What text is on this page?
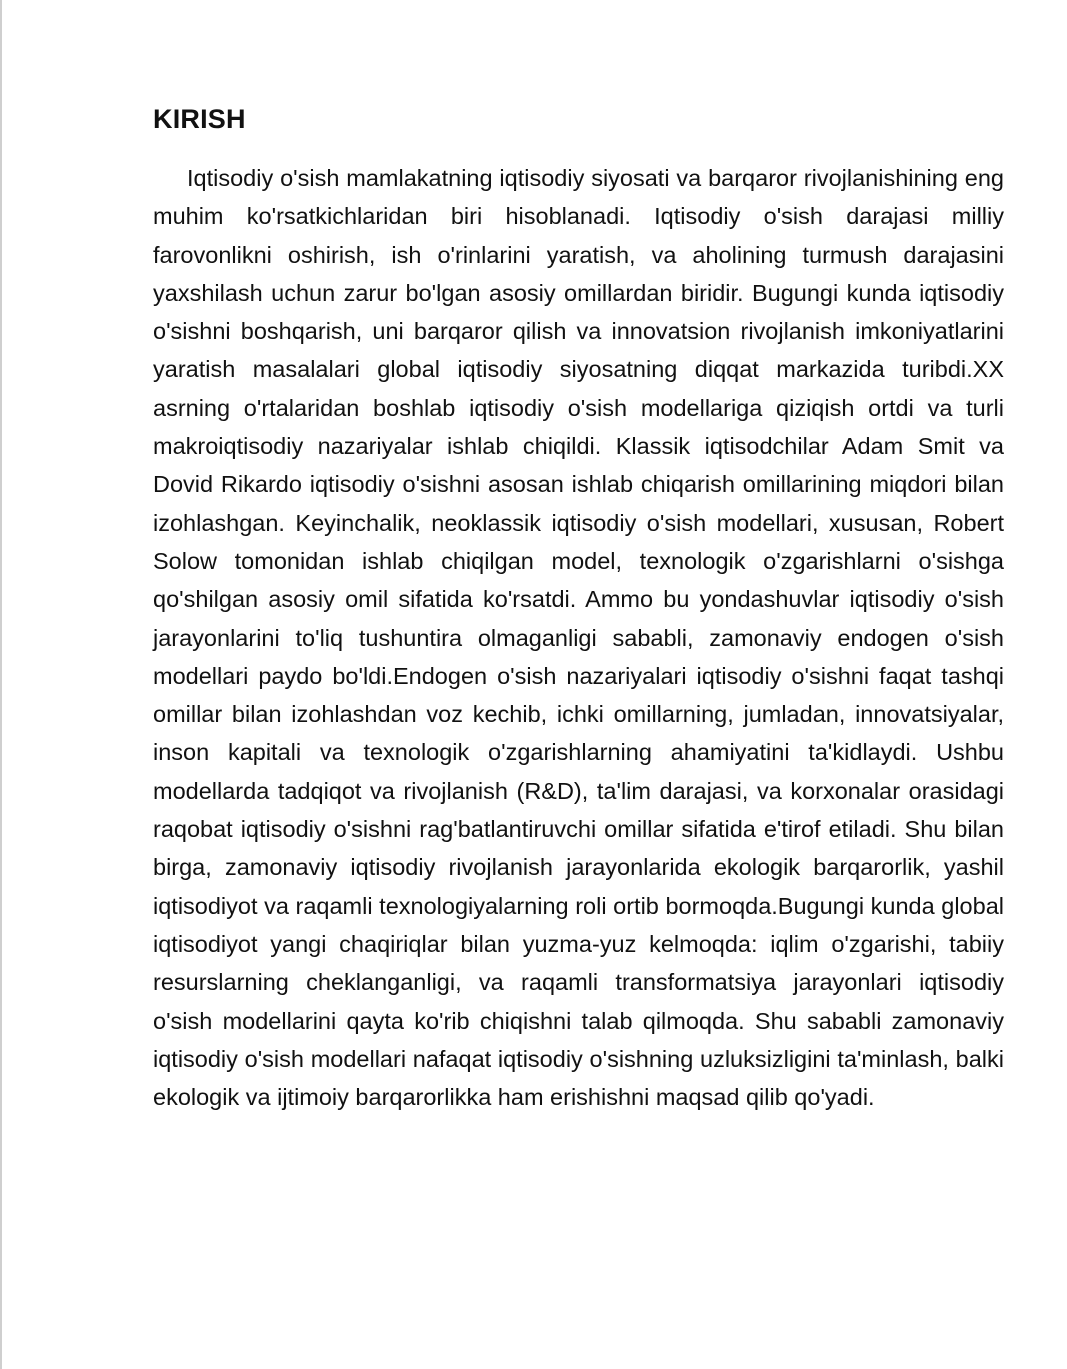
KIRISH

Iqtisodiy o'sish mamlakatning iqtisodiy siyosati va barqaror rivojlanishining eng muhim ko'rsatkichlaridan biri hisoblanadi. Iqtisodiy o'sish darajasi milliy farovonlikni oshirish, ish o'rinlarini yaratish, va aholining turmush darajasini yaxshilash uchun zarur bo'lgan asosiy omillardan biridir. Bugungi kunda iqtisodiy o'sishni boshqarish, uni barqaror qilish va innovatsion rivojlanish imkoniyatlarini yaratish masalalari global iqtisodiy siyosatning diqqat markazida turibdi.XX asrning o'rtalaridan boshlab iqtisodiy o'sish modellariga qiziqish ortdi va turli makroiqtisodiy nazariyalar ishlab chiqildi. Klassik iqtisodchilar Adam Smit va Dovid Rikardo iqtisodiy o'sishni asosan ishlab chiqarish omillarining miqdori bilan izohlashgan. Keyinchalik, neoklassik iqtisodiy o'sish modellari, xususan, Robert Solow tomonidan ishlab chiqilgan model, texnologik o'zgarishlarni o'sishga qo'shilgan asosiy omil sifatida ko'rsatdi. Ammo bu yondashuvlar iqtisodiy o'sish jarayonlarini to'liq tushuntira olmaganligi sababli, zamonaviy endogen o'sish modellari paydo bo'ldi.Endogen o'sish nazariyalari iqtisodiy o'sishni faqat tashqi omillar bilan izohlashdan voz kechib, ichki omillarning, jumladan, innovatsiyalar, inson kapitali va texnologik o'zgarishlarning ahamiyatini ta'kidlaydi. Ushbu modellarda tadqiqot va rivojlanish (R&D), ta'lim darajasi, va korxonalar orasidagi raqobat iqtisodiy o'sishni rag'batlantiruvchi omillar sifatida e'tirof etiladi. Shu bilan birga, zamonaviy iqtisodiy rivojlanish jarayonlarida ekologik barqarorlik, yashil iqtisodiyot va raqamli texnologiyalarning roli ortib bormoqda.Bugungi kunda global iqtisodiyot yangi chaqiriqlar bilan yuzma-yuz kelmoqda: iqlim o'zgarishi, tabiiy resurslarning cheklanganligi, va raqamli transformatsiya jarayonlari iqtisodiy o'sish modellarini qayta ko'rib chiqishni talab qilmoqda. Shu sababli zamonaviy iqtisodiy o'sish modellari nafaqat iqtisodiy o'sishning uzluksizligini ta'minlash, balki ekologik va ijtimoiy barqarorlikka ham erishishni maqsad qilib qo'yadi.
